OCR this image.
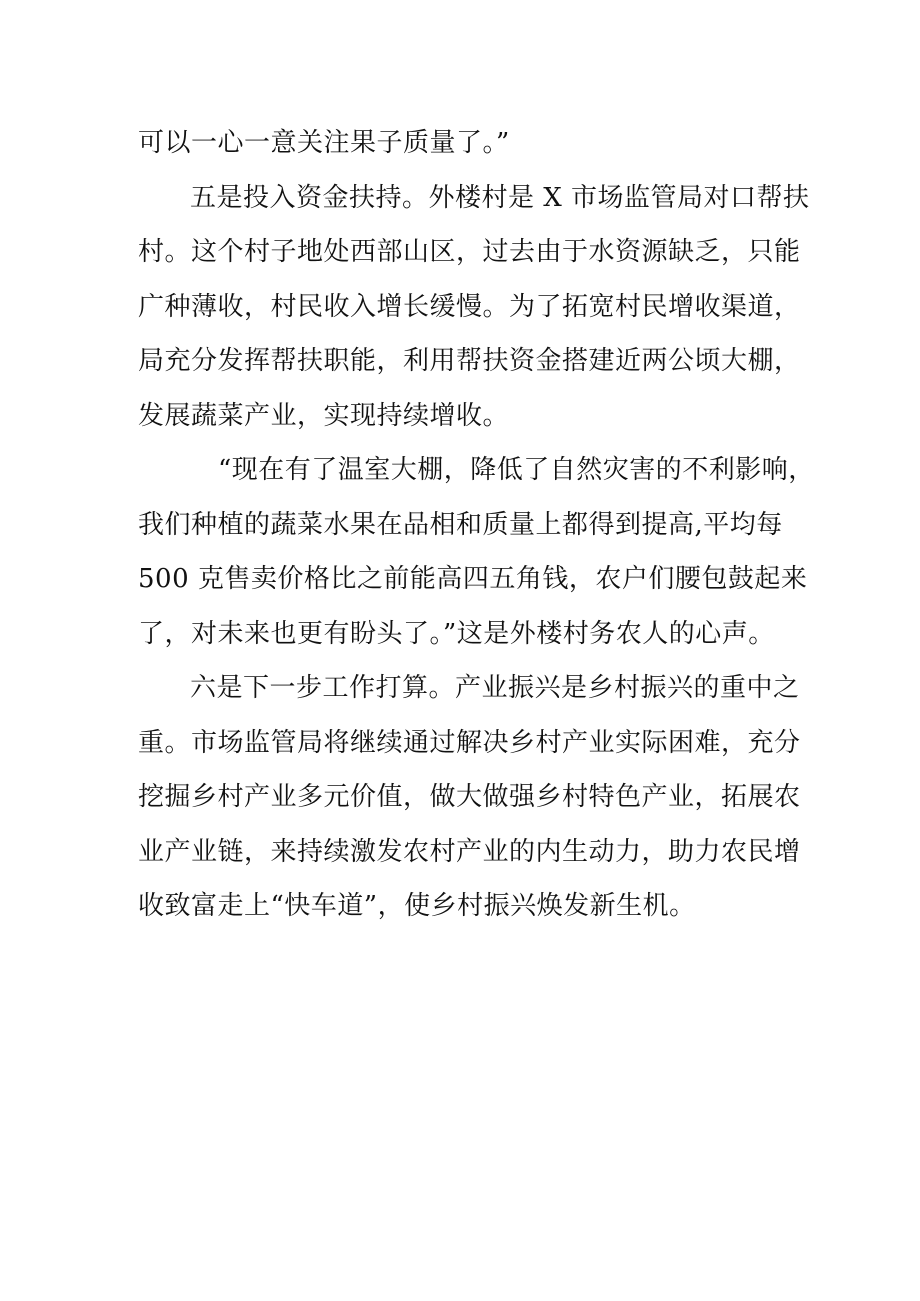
可以一心一意关注果子质量了。”
五是投入资金扶持。外楼村是 X 市场监管局对口帮扶
村。这个村子地处西部山区，过去由于水资源缺乏，只能
广种薄收，村民收入增长缓慢。为了拓宽村民增收渠道，
局充分发挥帮扶职能，利用帮扶资金搭建近两公顷大棚，
发展蔬菜产业，实现持续增收。
“现在有了温室大棚，降低了自然灾害的不利影响，
我们种植的蔬菜水果在品相和质量上都得到提高,平均每
500 克售卖价格比之前能高四五角钱，农户们腰包鼓起来
了，对未来也更有盼头了。”这是外楼村务农人的心声。
六是下一步工作打算。产业振兴是乡村振兴的重中之
重。市场监管局将继续通过解决乡村产业实际困难，充分
挖掘乡村产业多元价值，做大做强乡村特色产业，拓展农
业产业链，来持续激发农村产业的内生动力，助力农民增
收致富走上“快车道”，使乡村振兴焕发新生机。
